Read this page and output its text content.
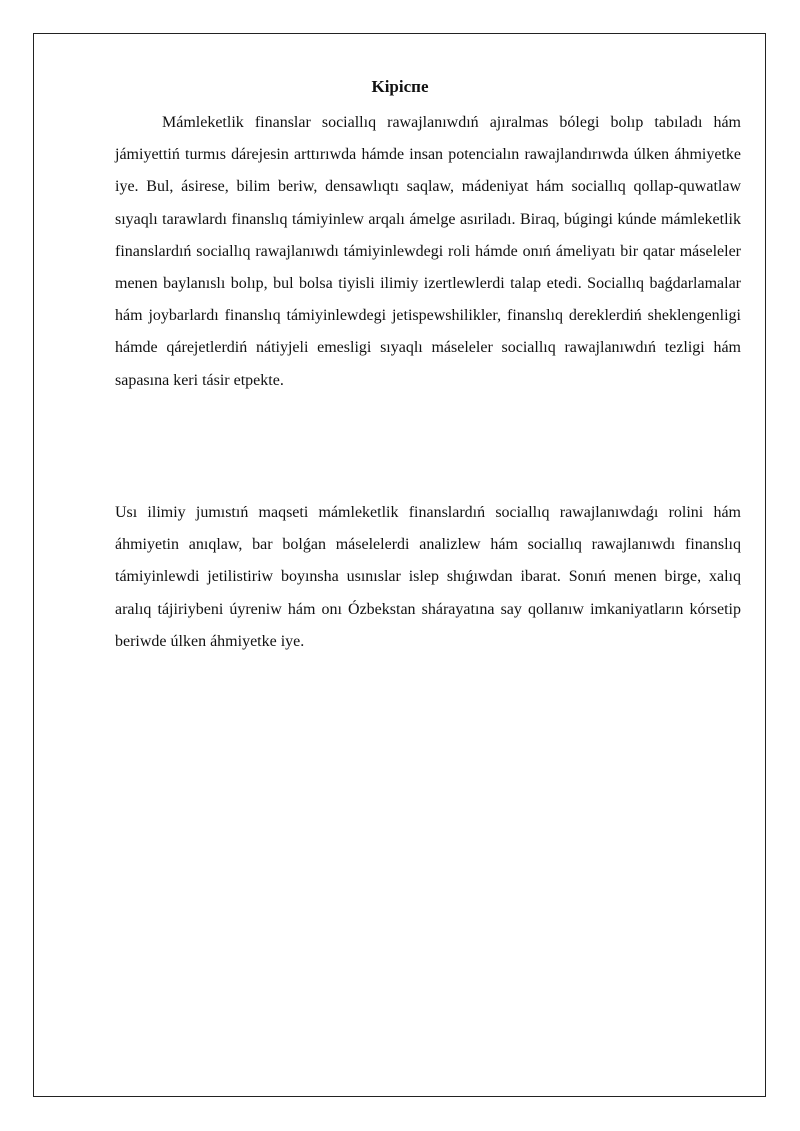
Kipicпe

Mámleketlik finanslar sociallıq rawajlanıwdıń ajıralmas bólegi bolıp tabıladı hám jámiyettiń turmıs dárejesin arttırıwda hámde insan potencialın rawajlandırıwda úlken áhmiyetke iye. Bul, ásirese, bilim beriw, densawlıqtı saqlaw, mádeniyat hám sociallıq qollap-quwatlaw sıyaqlı tarawlardı finanslıq támiyinlew arqalı ámelge asıriladı. Biraq, búgingi kúnde mámleketlik finanslardıń sociallıq rawajlanıwdı támiyinlewdegi roli hámde onıń ámeliyatı bir qatar máseleler menen baylanıslı bolıp, bul bolsa tiyisli ilimiy izertlewlerdi talap etedi. Sociallıq baǵdarlamalar hám joybarlardı finanslıq támiyinlewdegi jetispewshilikler, finanslıq dereklerdiń sheklengenligi hámde qárejetlerdiń nátiyjeli emesligi sıyaqlı máseleler sociallıq rawajlanıwdıń tezligi hám sapasına keri tásir etpekte.

Usı ilimiy jumıstıń maqseti mámleketlik finanslardıń sociallıq rawajlanıwdaǵı rolini hám áhmiyetin anıqlaw, bar bolǵan máselelerdi analizlew hám sociallıq rawajlanıwdı finanslıq támiyinlewdi jetilistiriw boyınsha usınıslar islep shıǵıwdan ibarat. Sonıń menen birge, xalıq aralıq tájiriybeni úyreniw hám onı Ózbekstan shárayatına say qollanıw imkaniyatların kórsetip beriwde úlken áhmiyetke iye.
